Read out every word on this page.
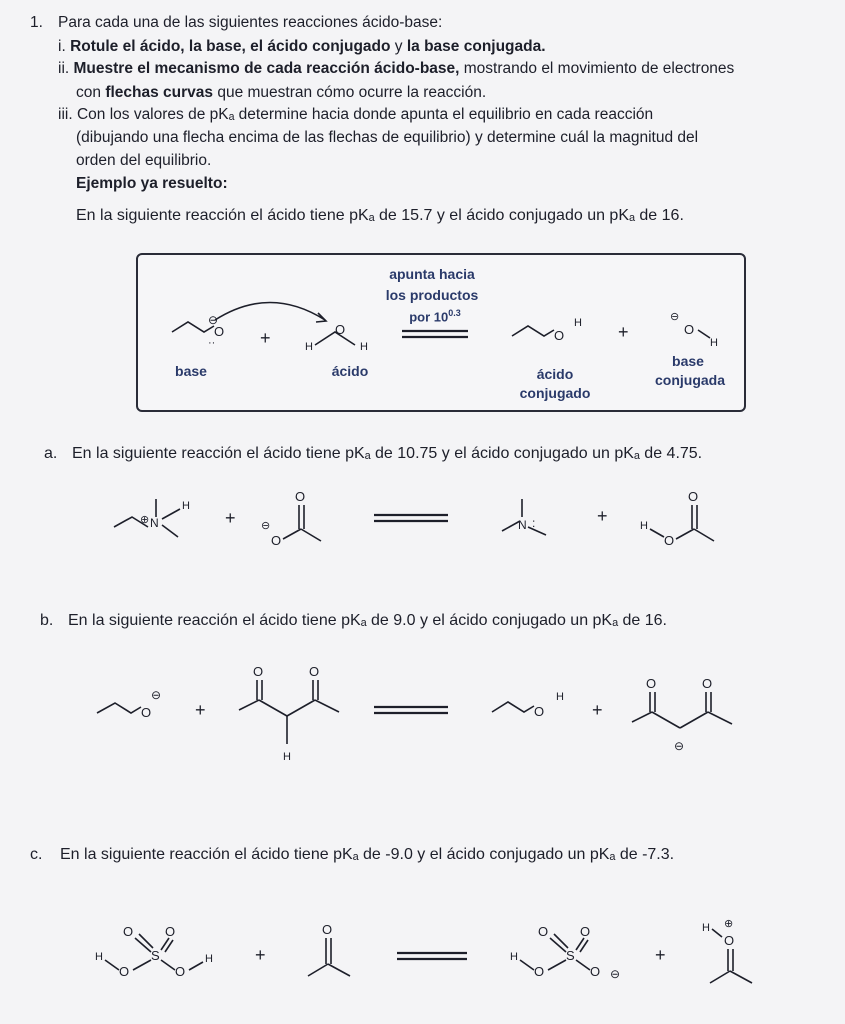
1. Para cada una de las siguientes reacciones ácido-base:
i. Rotule el ácido, la base, el ácido conjugado y la base conjugada.
ii. Muestre el mecanismo de cada reacción ácido-base, mostrando el movimiento de electrones
con flechas curvas que muestran cómo ocurre la reacción.
iii. Con los valores de pKₐ determine hacia donde apunta el equilibrio en cada reacción
(dibujando una flecha encima de las flechas de equilibrio) y determine cuál la magnitud del
orden del equilibrio.
Ejemplo ya resuelto:
En la siguiente reacción el ácido tiene pKₐ de 15.7 y el ácido conjugado un pKₐ de 16.
apunta hacia
los productos
por $10^{0.3}$
O
⊖
·· +	H
O
H
O
H +
⊖
O
H
base	ácido	ácido
conjugado
base
conjugada
a. En la siguiente reacción el ácido tiene pKₐ de 10.75 y el ácido conjugado un pKₐ de 4.75.
N
⊕
H
+
O
O
⊖	N :	+
O
O
H
b. En la siguiente reacción el ácido tiene pKₐ de 9.0 y el ácido conjugado un pKₐ de 16.
O
⊖
+
O	O
H
O
H
+
O	O
⊖
c. En la siguiente reacción el ácido tiene pKₐ de -9.0 y el ácido conjugado un pKₐ de -7.3.
O O
S
H
O	O
H +
O	O O
S
H
O	O ⊖
+
H ⊕
O
